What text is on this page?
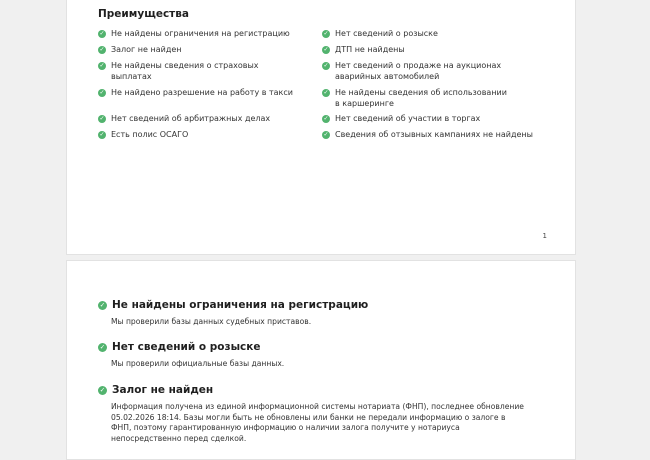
Преимущества
✓ Не найдены ограничения на регистрацию
✓ Залог не найден
✓ Не найдены сведения о страховых выплатах
✓ Не найдено разрешение на работу в такси
✓ Нет сведений об арбитражных делах
✓ Есть полис ОСАГО
✓ Нет сведений о розыске
✓ ДТП не найдены
✓ Нет сведений о продаже на аукционах аварийных автомобилей
✓ Не найдены сведения об использовании в каршеринге
✓ Нет сведений об участии в торгах
✓ Сведения об отзывных кампаниях не найдены
1
✓ Не найдены ограничения на регистрацию
Мы проверили базы данных судебных приставов.
✓ Нет сведений о розыске
Мы проверили официальные базы данных.
✓ Залог не найден
Информация получена из единой информационной системы нотариата (ФНП), последнее обновление 05.02.2026 18:14. Базы могли быть не обновлены или банки не передали информацию о залоге в ФНП, поэтому гарантированную информацию о наличии залога получите у нотариуса непосредственно перед сделкой.
